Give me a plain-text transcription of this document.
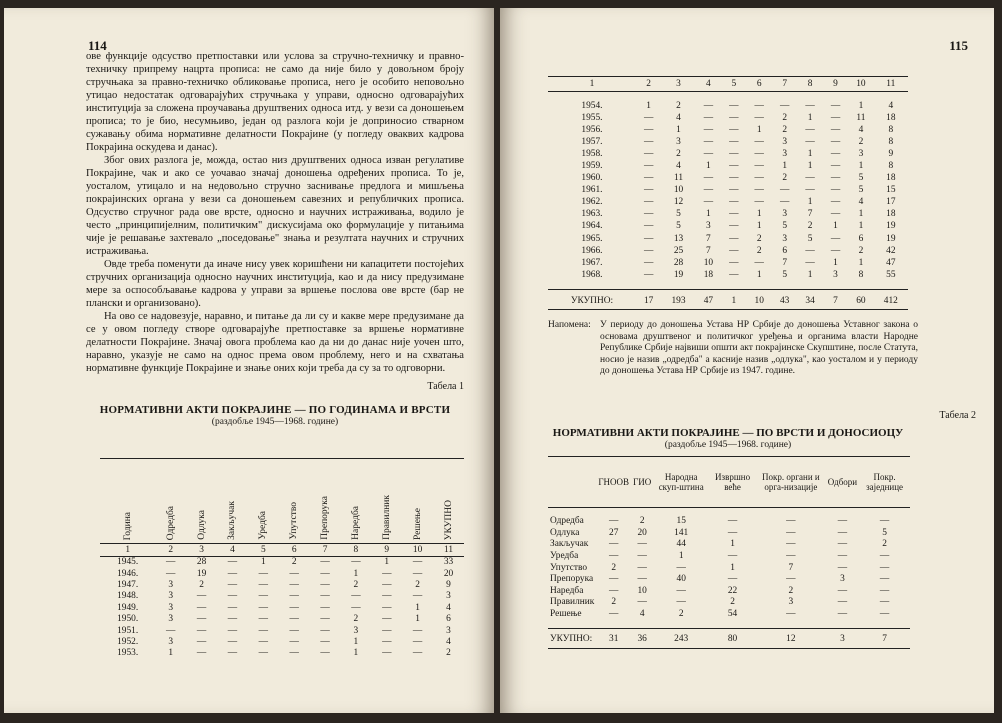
114

ове функције одсуство претпоставки или услова за стручно-техничку и правно-техничку припрему нацрта прописа: не само да није било у довољном броју стручњака за правно-техничко обликовање прописа, него је особито неповољно утицао недостатак одговарајућих стручњака у управи, односно одговарајућих институција за сложена проучавања друштвених односа итд. у вези са доношењем прописа; то је био, несумњиво, један од разлога који је доприносио стварном сужавању обима нормативне делатности Покрајине (у погледу оваквих кадрова Покрајина оскудева и данас).

Због ових разлога је, можда, остао низ друштвених односа изван регулативе Покрајине, чак и ако се уочавао значај доношења одређених прописа. То је, уосталом, утицало и на недовољно стручно заснивање предлога и мишљења покрајинских органа у вези са доношењем савезних и републичких прописа. Одсуство стручног рада ове врсте, односно и научних истраживања, водило је често „принципијелним, политичким" дискусијама око формулације у питањима чије је решавање захтевало „поседовање" знања и резултата научних и стручних истраживања.

Овде треба поменути да иначе нису увек коришћени ни капацитети постојећих стручних организација односно научних институција, као и да нису предузимане мере за оспособљавање кадрова у управи за вршење послова ове врсте (бар не плански и организовано).

На ово се надовезује, наравно, и питање да ли су и какве мере предузимане да се у овом погледу створе одговарајуће претпоставке за вршење нормативне делатности Покрајине. Значај овога проблема као да ни до данас није уочен што, наравно, указује не само на однос према овом проблему, него и на схватања нормативне функције Покрајине и знање оних који треба да су за то одговорни.

Табела 1
НОРМАТИВНИ АКТИ ПОКРАЈИНЕ — ПО ГОДИНАМА И ВРСТИ
(раздобље 1945—1968. године)
Година	Одредба	Одлука	Закључак	Уредба	Упутство	Препорука	Наредба	Правилник	Решење	УКУПНО
1	2	3	4	5	6	7	8	9	10	11
1945.	—	28	—	1	2	—	—	1	—	33
1946.	—	19	—	—	—	—	1	—	—	20
1947.	3	2	—	—	—	—	2	—	2	9
1948.	3	—	—	—	—	—	—	—	—	3
1949.	3	—	—	—	—	—	—	—	1	4
1950.	3	—	—	—	—	—	2	—	1	6
1951.	—	—	—	—	—	—	3	—	—	3
1952.	3	—	—	—	—	—	1	—	—	4
1953.	1	—	—	—	—	—	1	—	—	2
115
1	2	3	4	5	6	7	8	9	10	11

1954.	1	2	—	—	—	—	—	—	1	4
1955.	—	4	—	—	—	2	1	—	11	18
1956.	—	1	—	—	1	2	—	—	4	8
1957.	—	3	—	—	—	3	—	—	2	8
1958.	—	2	—	—	—	3	1	—	3	9
1959.	—	4	1	—	—	1	1	—	1	8
1960.	—	11	—	—	—	2	—	—	5	18
1961.	—	10	—	—	—	—	—	—	5	15
1962.	—	12	—	—	—	—	1	—	4	17
1963.	—	5	1	—	1	3	7	—	1	18
1964.	—	5	3	—	1	5	2	1	1	19
1965.	—	13	7	—	2	3	5	—	6	19
1966.	—	25	7	—	2	6	—	—	2	42
1967.	—	28	10	—	—	7	—	1	1	47
1968.	—	19	18	—	1	5	1	3	8	55

УКУПНО:	17	193	47	1	10	43	34	7	60	412
Напомена: У периоду до доношења Устава НР Србије до доношења Уставног закона о основама друштвеног и политичког уређења и органима власти Народне Републике Србије највиши општи акт покрајинске Скупштине, после Статута, носио је назив „одредба" а касније назив „одлука", као уосталом и у периоду до доношења Устава НР Србије из 1947. године.
Табела 2
НОРМАТИВНИ АКТИ ПОКРАЈИНЕ — ПО ВРСТИ И ДОНОСИОЦУ
(раздобље 1945—1968. године)
	ГНООВ	ГИО	Народна скуп-штина	Извршно веће	Покр. органи и орга-низације	Одбори	Покр. заједнице

Одредба	—	2	15	—	—	—	—
Одлука	27	20	141	—	—	—	5
Закључак	—	—	44	1	—	—	2
Уредба	—	—	1	—	—	—	—
Упутство	2	—	—	1	7	—	—
Препорука	—	—	40	—	—	3	—
Наредба	—	10	—	22	2	—	—
Правилник	2	—	—	2	3	—	—
Решење	—	4	2	54	—	—	—

УКУПНО:	31	36	243	80	12	3	7
